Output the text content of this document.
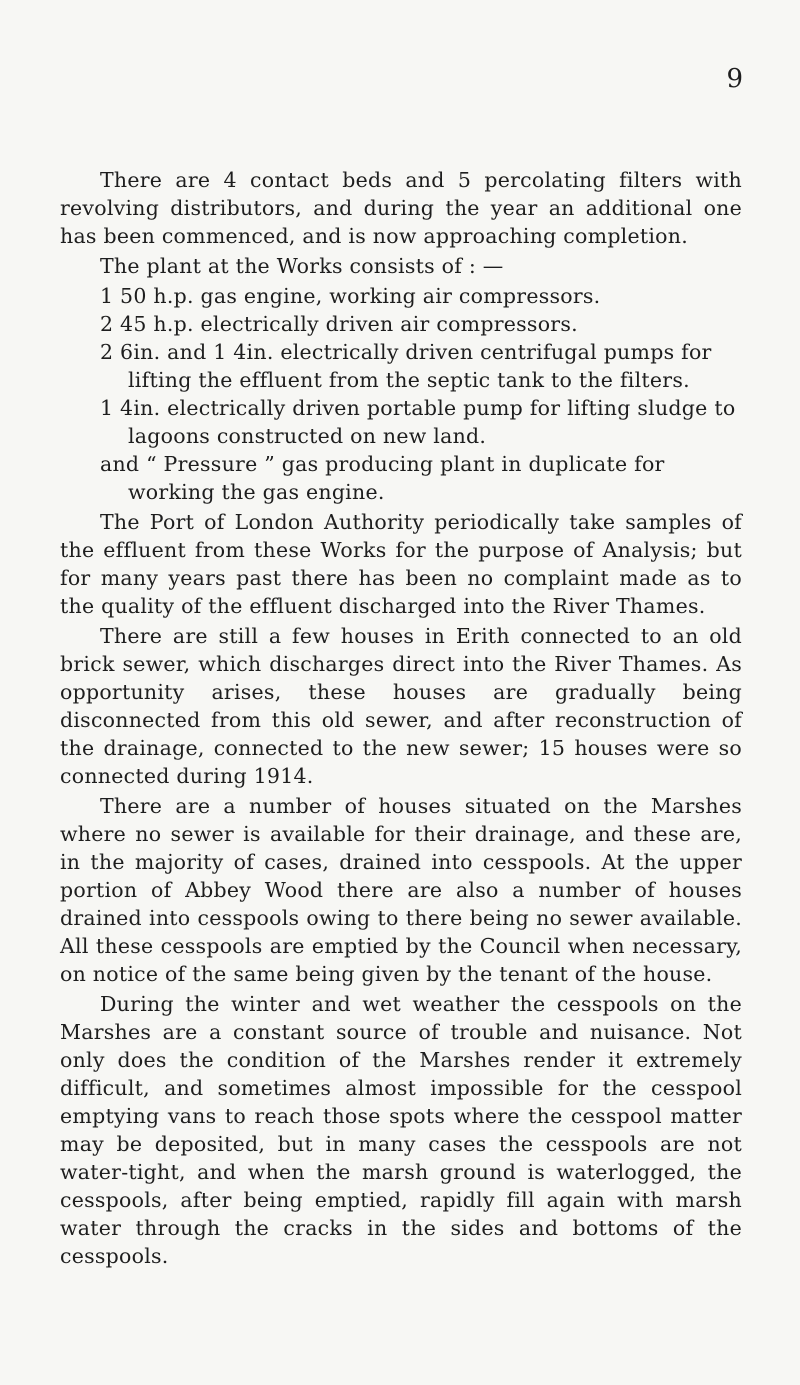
9

There are 4 contact beds and 5 percolating filters with revolving distributors, and during the year an additional one has been commenced, and is now approaching completion.

The plant at the Works consists of : —

1 50 h.p. gas engine, working air compressors.
2 45 h.p. electrically driven air compressors.
2 6in. and 1 4in. electrically driven centrifugal pumps for lifting the effluent from the septic tank to the filters.
1 4in. electrically driven portable pump for lifting sludge to lagoons constructed on new land.
and “ Pressure ” gas producing plant in duplicate for working the gas engine.

The Port of London Authority periodically take samples of the effluent from these Works for the purpose of Analysis; but for many years past there has been no complaint made as to the quality of the effluent discharged into the River Thames.

There are still a few houses in Erith connected to an old brick sewer, which discharges direct into the River Thames. As opportunity arises, these houses are gradually being disconnected from this old sewer, and after reconstruction of the drainage, connected to the new sewer; 15 houses were so connected during 1914.

There are a number of houses situated on the Marshes where no sewer is available for their drainage, and these are, in the majority of cases, drained into cesspools. At the upper portion of Abbey Wood there are also a number of houses drained into cesspools owing to there being no sewer available. All these cesspools are emptied by the Council when necessary, on notice of the same being given by the tenant of the house.

During the winter and wet weather the cesspools on the Marshes are a constant source of trouble and nuisance. Not only does the condition of the Marshes render it extremely difficult, and sometimes almost impossible for the cesspool emptying vans to reach those spots where the cesspool matter may be deposited, but in many cases the cesspools are not water-tight, and when the marsh ground is waterlogged, the cesspools, after being emptied, rapidly fill again with marsh water through the cracks in the sides and bottoms of the cesspools.
